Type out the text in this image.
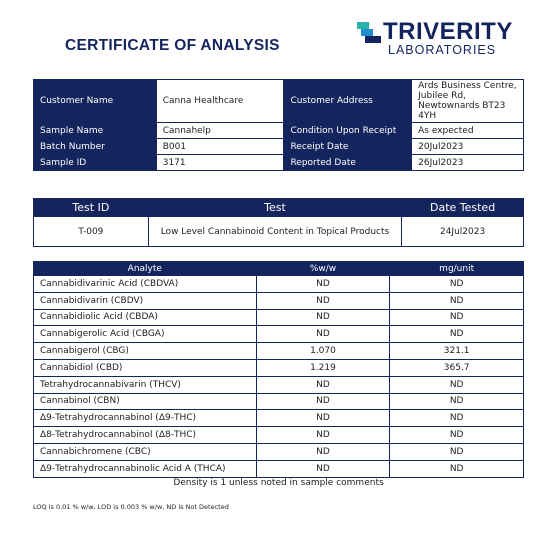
CERTIFICATE OF ANALYSIS
TRIVERITY
LABORATORIES
Customer Name	Canna Healthcare	Customer Address	Ards Business Centre, Jubilee Rd, Newtownards BT23 4YH
Sample Name	Cannahelp	Condition Upon Receipt	As expected
Batch Number	B001	Receipt Date	20Jul2023
Sample ID	3171	Reported Date	26Jul2023
Test ID	Test	Date Tested
T-009	Low Level Cannabinoid Content in Topical Products	24Jul2023
Analyte	%w/w	mg/unit
Cannabidivarinic Acid (CBDVA)	ND	ND
Cannabidivarin (CBDV)	ND	ND
Cannabidiolic Acid (CBDA)	ND	ND
Cannabigerolic Acid (CBGA)	ND	ND
Cannabigerol (CBG)	1.070	321.1
Cannabidiol (CBD)	1.219	365.7
Tetrahydrocannabivarin (THCV)	ND	ND
Cannabinol (CBN)	ND	ND
Δ9-Tetrahydrocannabinol (Δ9-THC)	ND	ND
Δ8-Tetrahydrocannabinol (Δ8-THC)	ND	ND
Cannabichromene (CBC)	ND	ND
Δ9-Tetrahydrocannabinolic Acid A (THCA)	ND	ND
Density is 1 unless noted in sample comments
LOQ is 0.01 % w/w, LOD is 0.003 % w/w, ND is Not Detected
